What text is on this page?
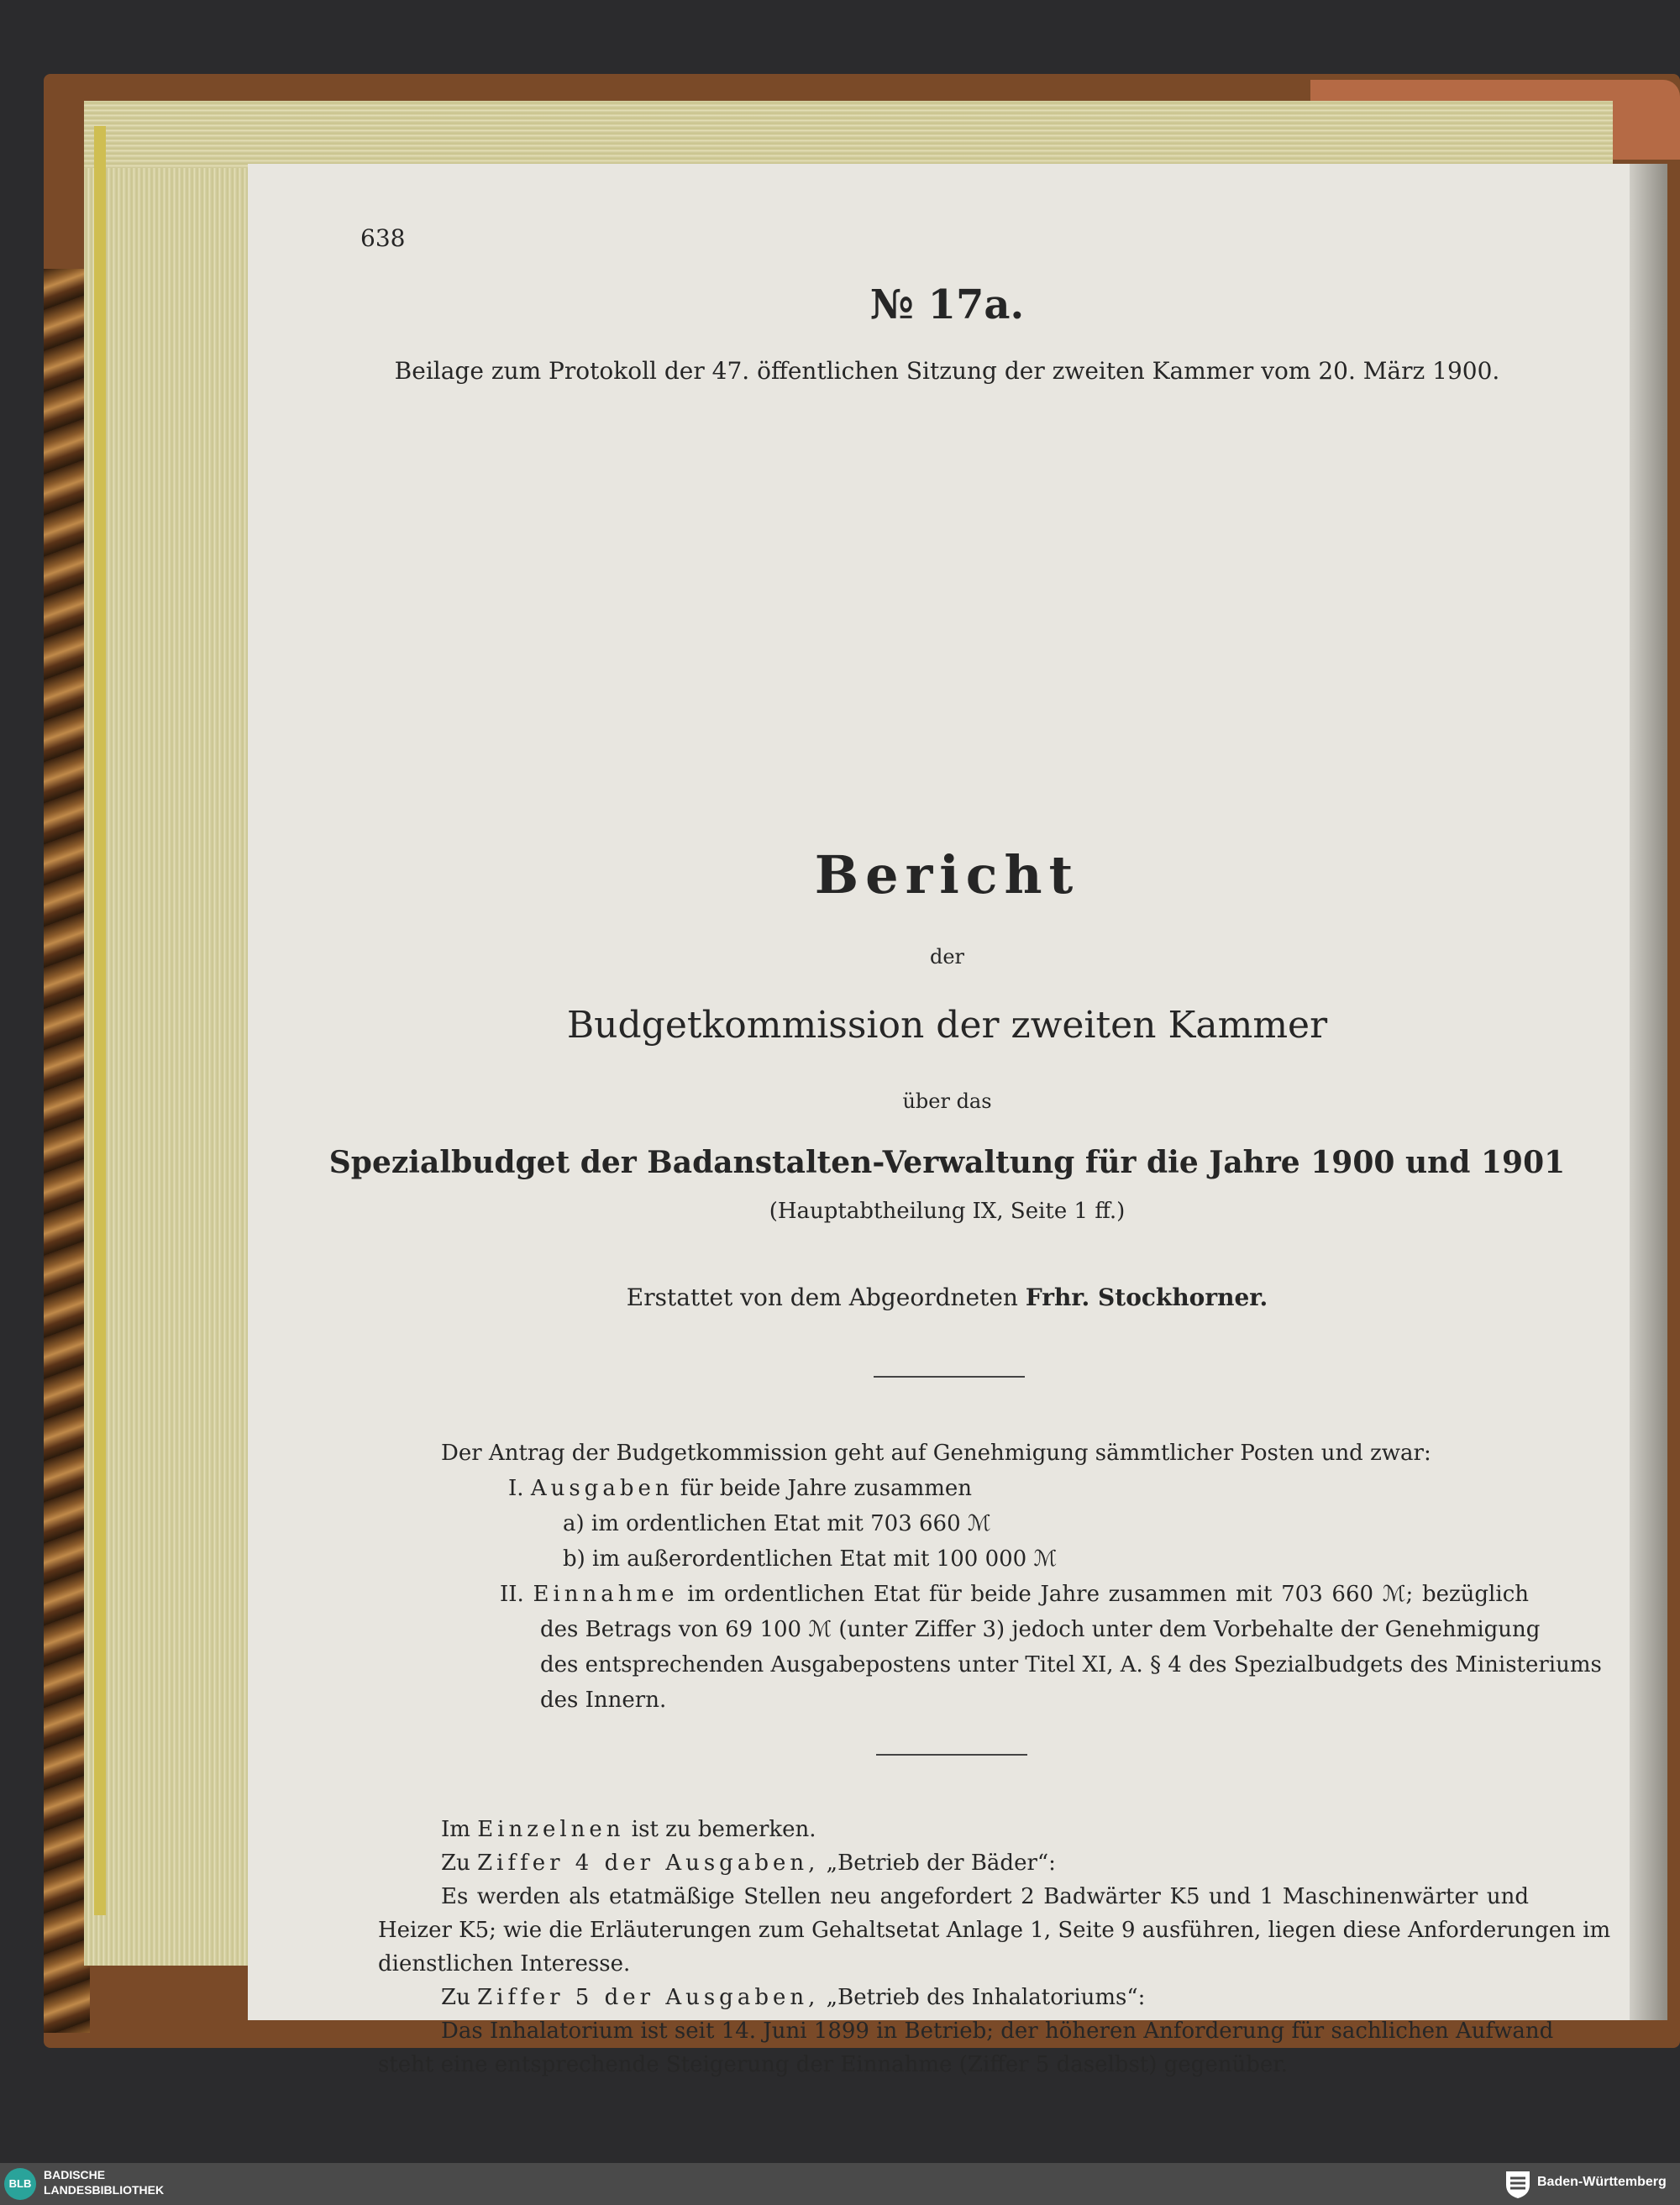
638
№ 17a.
Beilage zum Protokoll der 47. öffentlichen Sitzung der zweiten Kammer vom 20. März 1900.
Bericht
der
Budgetkommission der zweiten Kammer
über das
Spezialbudget der Badanstalten-Verwaltung für die Jahre 1900 und 1901
(Hauptabtheilung IX, Seite 1 ff.)
Erstattet von dem Abgeordneten Frhr. Stockhorner.
Der Antrag der Budgetkommission geht auf Genehmigung sämmtlicher Posten und zwar:
I. Ausgaben für beide Jahre zusammen
a) im ordentlichen Etat mit 703 660 ℳ
b) im außerordentlichen Etat mit 100 000 ℳ
II. Einnahme im ordentlichen Etat für beide Jahre zusammen mit 703 660 ℳ; bezüglich
des Betrags von 69 100 ℳ (unter Ziffer 3) jedoch unter dem Vorbehalte der Genehmigung
des entsprechenden Ausgabepostens unter Titel XI, A. § 4 des Spezialbudgets des Ministeriums
des Innern.
Im Einzelnen ist zu bemerken.
Zu Ziffer 4 der Ausgaben, „Betrieb der Bäder“:
Es werden als etatmäßige Stellen neu angefordert 2 Badwärter K5 und 1 Maschinenwärter und
Heizer K5; wie die Erläuterungen zum Gehaltsetat Anlage 1, Seite 9 ausführen, liegen diese Anforderungen im
dienstlichen Interesse.
Zu Ziffer 5 der Ausgaben, „Betrieb des Inhalatoriums“:
Das Inhalatorium ist seit 14. Juni 1899 in Betrieb; der höheren Anforderung für sachlichen Aufwand
steht eine entsprechende Steigerung der Einnahme (Ziffer 5 daselbst) gegenüber.
BLB
BADISCHE
LANDESBIBLIOTHEK
Baden-Württemberg
